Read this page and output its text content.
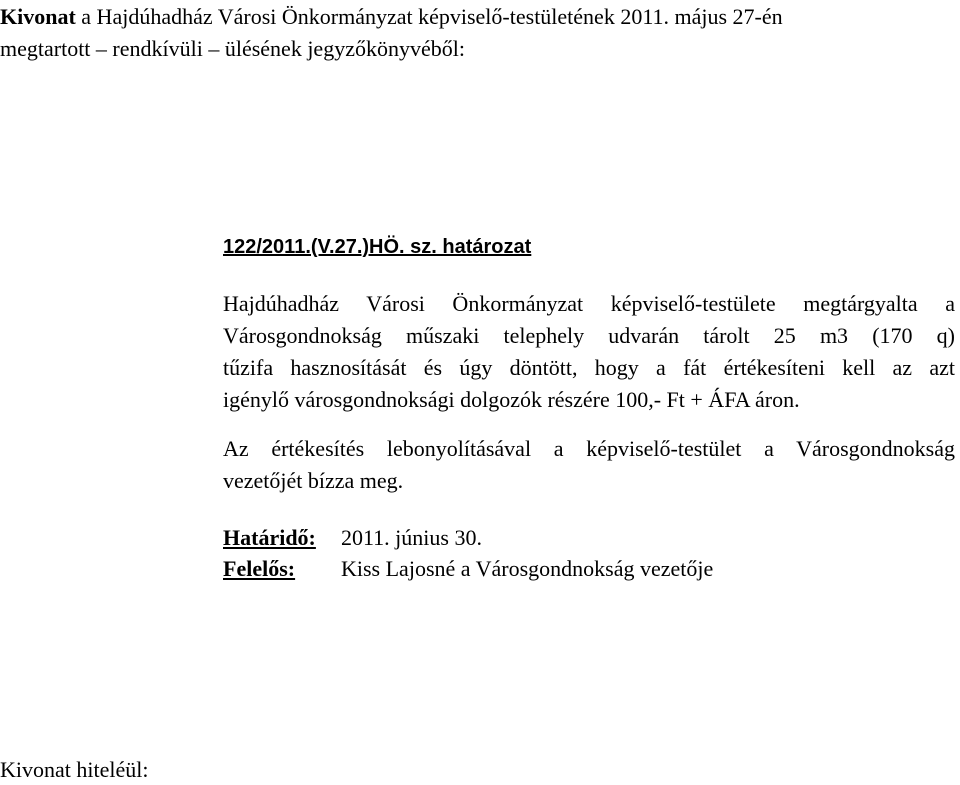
Kivonat a Hajdúhadház Városi Önkormányzat képviselő-testületének 2011. május 27-én
megtartott – rendkívüli – ülésének jegyzőkönyvéből:
122/2011.(V.27.)HÖ. sz. határozat
Hajdúhadház Városi Önkormányzat képviselő-testülete megtárgyalta a
Városgondnokság műszaki telephely udvarán tárolt 25 m3 (170 q)
tűzifa hasznosítását és úgy döntött, hogy a fát értékesíteni kell az azt
igénylő városgondnoksági dolgozók részére 100,- Ft + ÁFA áron.
Az értékesítés lebonyolításával a képviselő-testület a Városgondnokság
vezetőjét bízza meg.
Határidő: 2011. június 30.
Felelős: Kiss Lajosné a Városgondnokság vezetője
Kivonat hiteléül:
